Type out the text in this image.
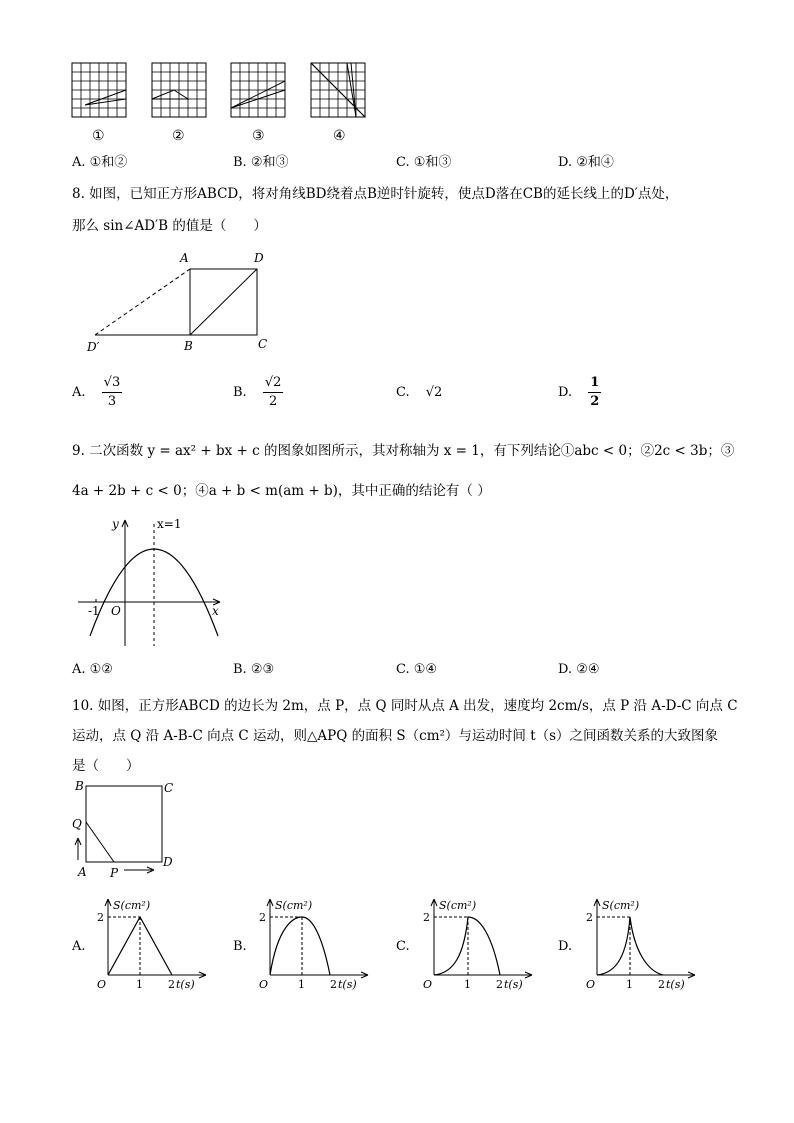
①	②	③	④
A. ①和②	B. ②和③	C. ①和③	D. ②和④
8. 如图，已知正方形ABCD，将对角线BD绕着点B逆时针旋转，使点D落在CB的延长线上的D′点处，
那么 sin∠AD′B 的值是（　　）
A	D
D′	B	C
A. $\frac{√3}{3}$	B. $\frac{√2}{2}$	C. √2	D. $\frac{1}{2}$
9. 二次函数 y = ax² + bx + c 的图象如图所示，其对称轴为 x = 1，有下列结论①abc < 0；②2c < 3b；③
4a + 2b + c < 0；④a + b < m(am + b)，其中正确的结论有（ ）
y	x=1
x
-1 O
A. ①②	B. ②③	C. ①④	D. ②④
10. 如图，正方形ABCD 的边长为 2m，点 P，点 Q 同时从点 A 出发，速度均 2cm/s，点 P 沿 A-D-C 向点 C
运动，点 Q 沿 A-B-C 向点 C 运动，则△APQ 的面积 S（cm²）与运动时间 t（s）之间函数关系的大致图象
是（　　）
B	C
Q
A P
D
A.	B.	C.	D.
S(cm²)
2
O	1 2 t(s)
S(cm²)
2
O	1 2 t(s)
S(cm²)
2
O	1 2 t(s)
S(cm²)
2
O	1 2 t(s)
